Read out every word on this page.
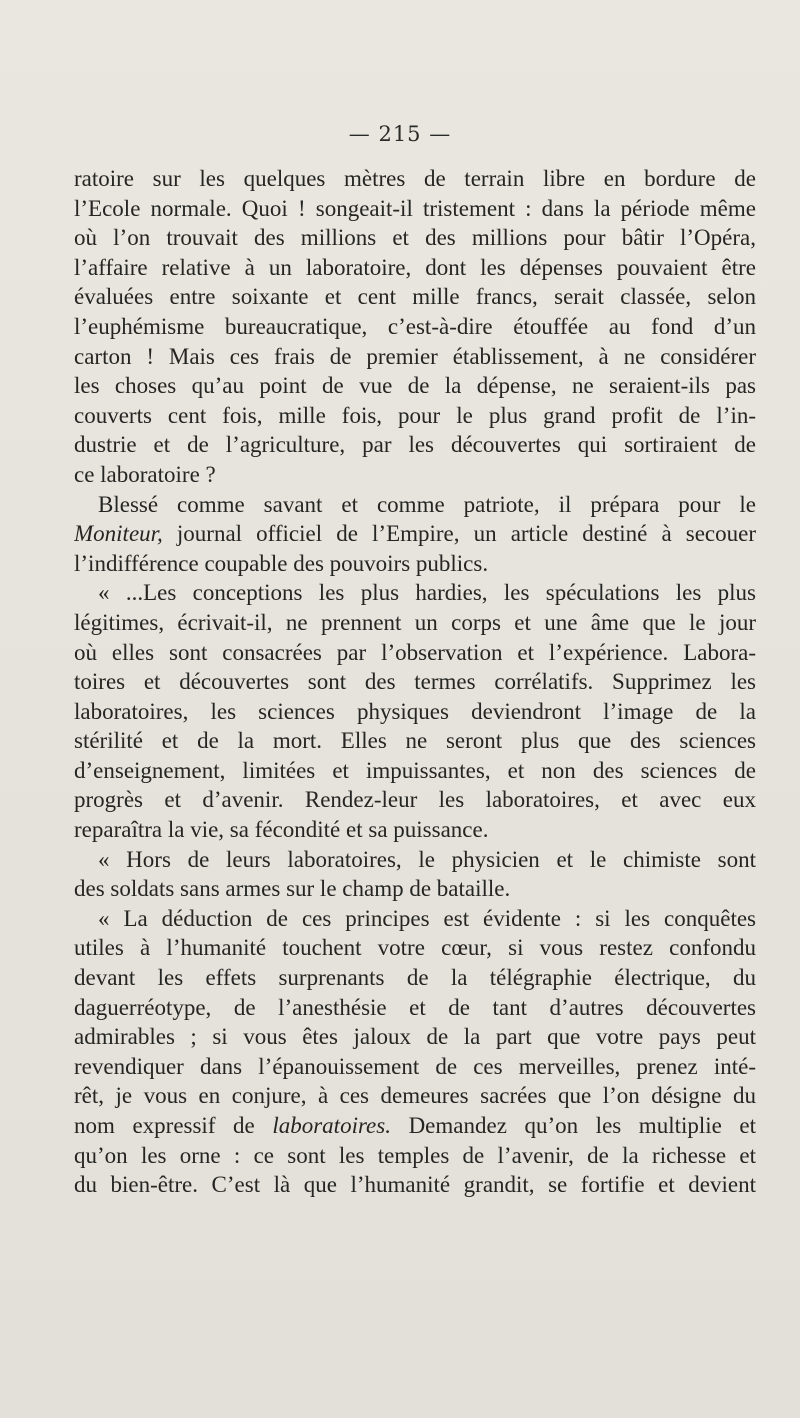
— 215 —
ratoire sur les quelques mètres de terrain libre en bordure de
l’Ecole normale. Quoi ! songeait-il tristement : dans la période même
où l’on trouvait des millions et des millions pour bâtir l’Opéra,
l’affaire relative à un laboratoire, dont les dépenses pouvaient être
évaluées entre soixante et cent mille francs, serait classée, selon
l’euphémisme bureaucratique, c’est-à-dire étouffée au fond d’un
carton ! Mais ces frais de premier établissement, à ne considérer
les choses qu’au point de vue de la dépense, ne seraient-ils pas
couverts cent fois, mille fois, pour le plus grand profit de l’in-
dustrie et de l’agriculture, par les découvertes qui sortiraient de
ce laboratoire ?
Blessé comme savant et comme patriote, il prépara pour le
Moniteur, journal officiel de l’Empire, un article destiné à secouer
l’indifférence coupable des pouvoirs publics.
« ...Les conceptions les plus hardies, les spéculations les plus
légitimes, écrivait-il, ne prennent un corps et une âme que le jour
où elles sont consacrées par l’observation et l’expérience. Labora-
toires et découvertes sont des termes corrélatifs. Supprimez les
laboratoires, les sciences physiques deviendront l’image de la
stérilité et de la mort. Elles ne seront plus que des sciences
d’enseignement, limitées et impuissantes, et non des sciences de
progrès et d’avenir. Rendez-leur les laboratoires, et avec eux
reparaîtra la vie, sa fécondité et sa puissance.
« Hors de leurs laboratoires, le physicien et le chimiste sont
des soldats sans armes sur le champ de bataille.
« La déduction de ces principes est évidente : si les conquêtes
utiles à l’humanité touchent votre cœur, si vous restez confondu
devant les effets surprenants de la télégraphie électrique, du
daguerréotype, de l’anesthésie et de tant d’autres découvertes
admirables ; si vous êtes jaloux de la part que votre pays peut
revendiquer dans l’épanouissement de ces merveilles, prenez inté-
rêt, je vous en conjure, à ces demeures sacrées que l’on désigne du
nom expressif de laboratoires. Demandez qu’on les multiplie et
qu’on les orne : ce sont les temples de l’avenir, de la richesse et
du bien-être. C’est là que l’humanité grandit, se fortifie et devient
